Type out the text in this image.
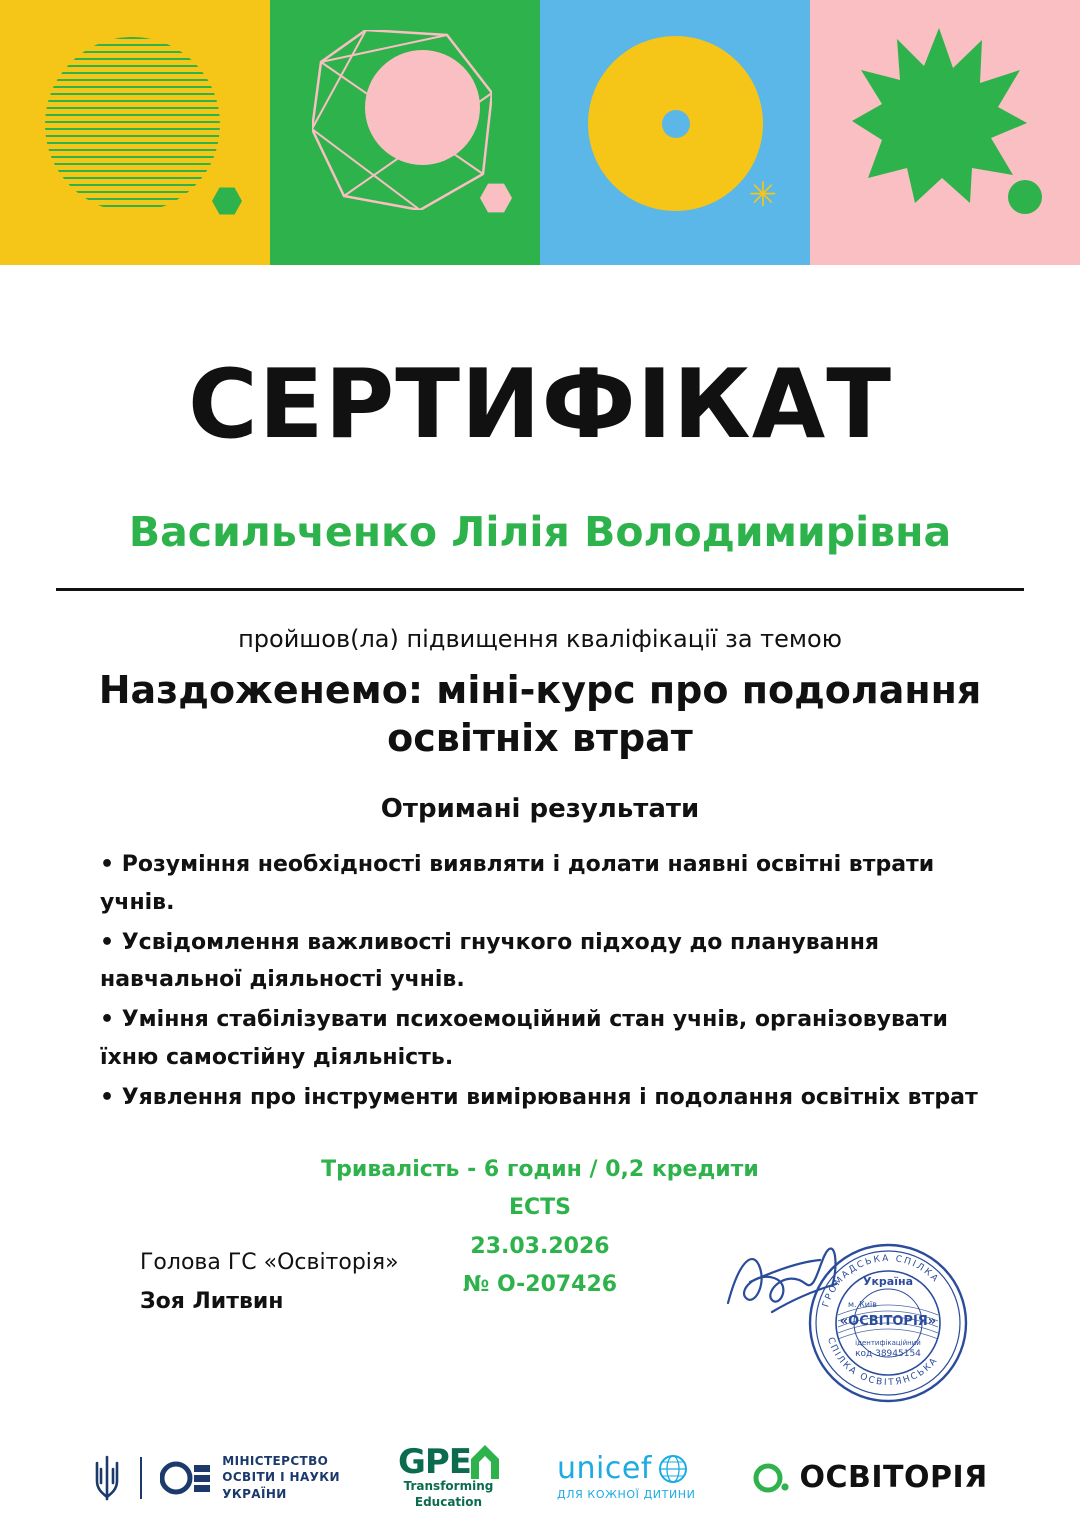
✳
СЕРТИФІКАТ
Васильченко Лілія Володимирівна
пройшов(ла) підвищення кваліфікації за темою
Наздоженемо: міні-курс про подолання освітніх втрат
Отримані результати
• Розуміння необхідності виявляти і долати наявні освітні втрати учнів.
• Усвідомлення важливості гнучкого підходу до планування навчальної діяльності учнів.
• Уміння стабілізувати психоемоційний стан учнів, організовувати їхню самостійну діяльність.
• Уявлення про інструменти вимірювання і подолання освітніх втрат
Тривалість - 6 годин / 0,2 кредити
ECTS
23.03.2026
№ O-207426
Голова ГС «Освіторія»
Зоя Литвин
Україна
м. Київ
«ОСВІТОРІЯ»
ідентифікаційний
код 38945154
ГРОМАДСЬКА СПІЛКА
СПІЛКА ОСВІТЯНСЬКА
МІНІСТЕРСТВО
ОСВІТИ І НАУКИ
УКРАЇНИ
GPE
Transforming
Education
unicef
ДЛЯ КОЖНОЇ ДИТИНИ	ОСВІТОРІЯ
